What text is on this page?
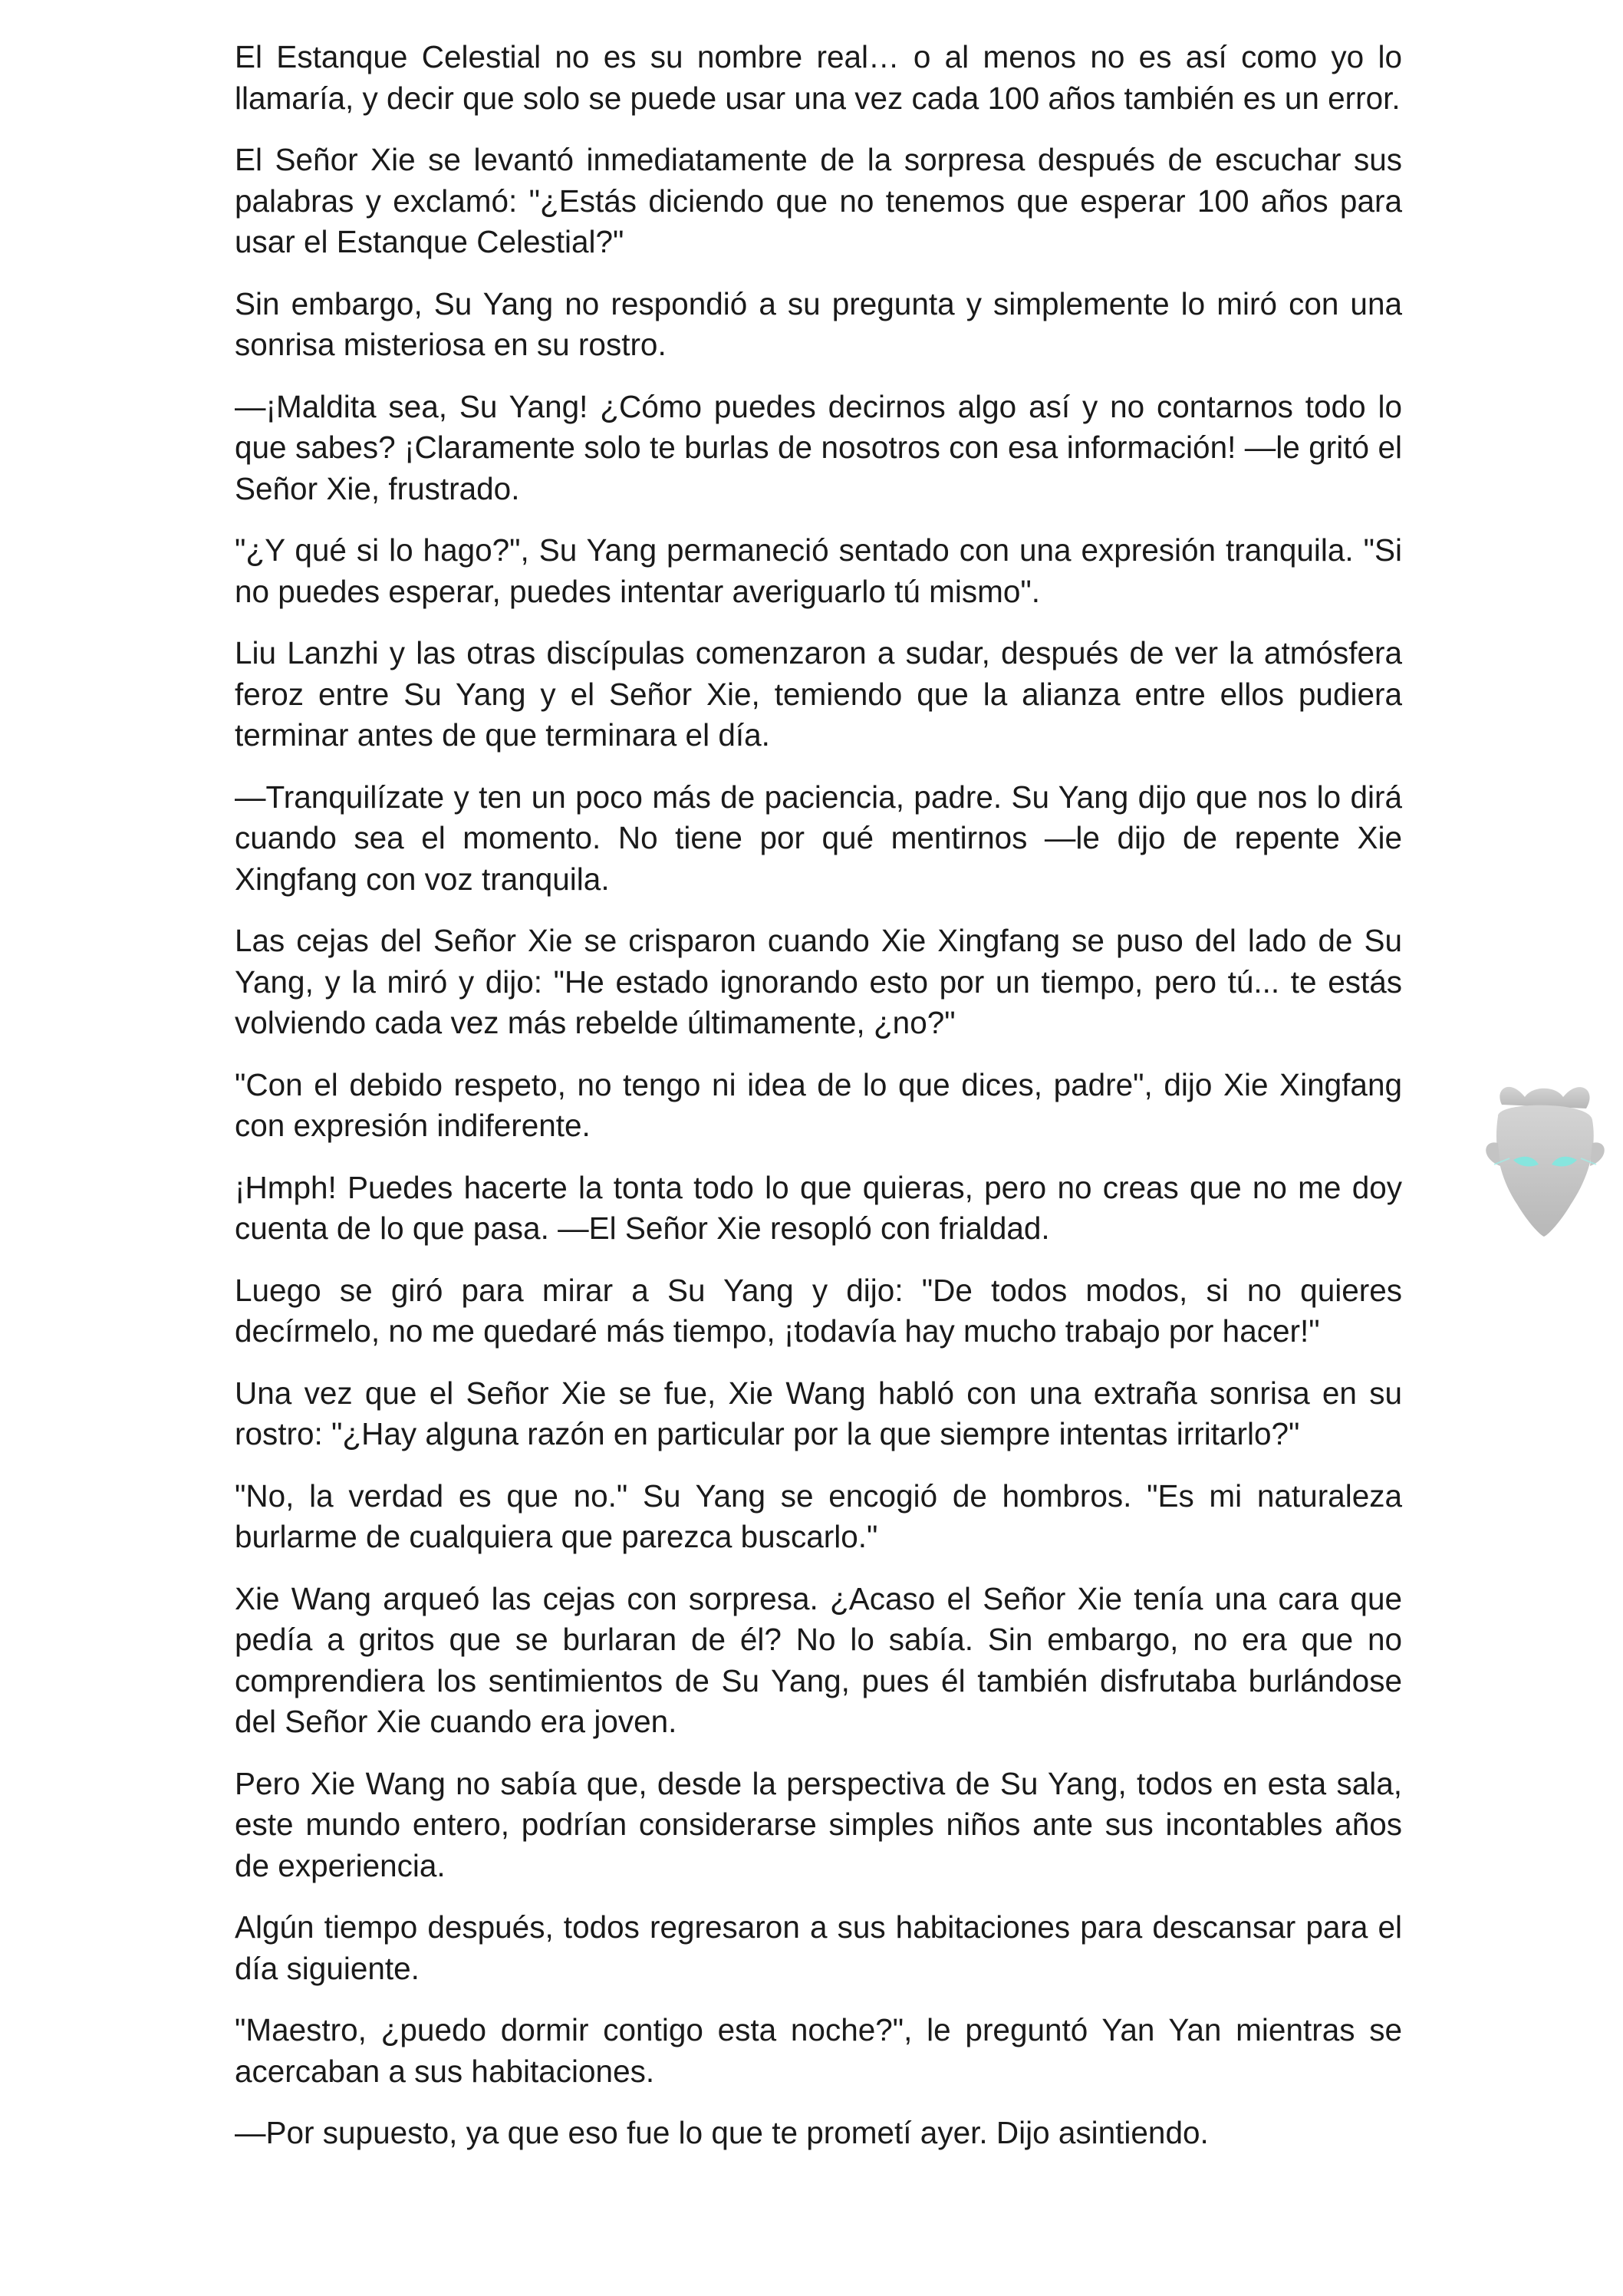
El Estanque Celestial no es su nombre real… o al menos no es así como yo lo llamaría, y decir que solo se puede usar una vez cada 100 años también es un error.

El Señor Xie se levantó inmediatamente de la sorpresa después de escuchar sus palabras y exclamó: "¿Estás diciendo que no tenemos que esperar 100 años para usar el Estanque Celestial?"

Sin embargo, Su Yang no respondió a su pregunta y simplemente lo miró con una sonrisa misteriosa en su rostro.

—¡Maldita sea, Su Yang! ¿Cómo puedes decirnos algo así y no contarnos todo lo que sabes? ¡Claramente solo te burlas de nosotros con esa información! —le gritó el Señor Xie, frustrado.

"¿Y qué si lo hago?", Su Yang permaneció sentado con una expresión tranquila. "Si no puedes esperar, puedes intentar averiguarlo tú mismo".

Liu Lanzhi y las otras discípulas comenzaron a sudar, después de ver la atmósfera feroz entre Su Yang y el Señor Xie, temiendo que la alianza entre ellos pudiera terminar antes de que terminara el día.

—Tranquilízate y ten un poco más de paciencia, padre. Su Yang dijo que nos lo dirá cuando sea el momento. No tiene por qué mentirnos —le dijo de repente Xie Xingfang con voz tranquila.

Las cejas del Señor Xie se crisparon cuando Xie Xingfang se puso del lado de Su Yang, y la miró y dijo: "He estado ignorando esto por un tiempo, pero tú... te estás volviendo cada vez más rebelde últimamente, ¿no?"

"Con el debido respeto, no tengo ni idea de lo que dices, padre", dijo Xie Xingfang con expresión indiferente.

¡Hmph! Puedes hacerte la tonta todo lo que quieras, pero no creas que no me doy cuenta de lo que pasa. —El Señor Xie resopló con frialdad.

Luego se giró para mirar a Su Yang y dijo: "De todos modos, si no quieres decírmelo, no me quedaré más tiempo, ¡todavía hay mucho trabajo por hacer!"

Una vez que el Señor Xie se fue, Xie Wang habló con una extraña sonrisa en su rostro: "¿Hay alguna razón en particular por la que siempre intentas irritarlo?"

"No, la verdad es que no." Su Yang se encogió de hombros. "Es mi naturaleza burlarme de cualquiera que parezca buscarlo."

Xie Wang arqueó las cejas con sorpresa. ¿Acaso el Señor Xie tenía una cara que pedía a gritos que se burlaran de él? No lo sabía. Sin embargo, no era que no comprendiera los sentimientos de Su Yang, pues él también disfrutaba burlándose del Señor Xie cuando era joven.

Pero Xie Wang no sabía que, desde la perspectiva de Su Yang, todos en esta sala, este mundo entero, podrían considerarse simples niños ante sus incontables años de experiencia.

Algún tiempo después, todos regresaron a sus habitaciones para descansar para el día siguiente.

"Maestro, ¿puedo dormir contigo esta noche?", le preguntó Yan Yan mientras se acercaban a sus habitaciones.

—Por supuesto, ya que eso fue lo que te prometí ayer. Dijo asintiendo.
